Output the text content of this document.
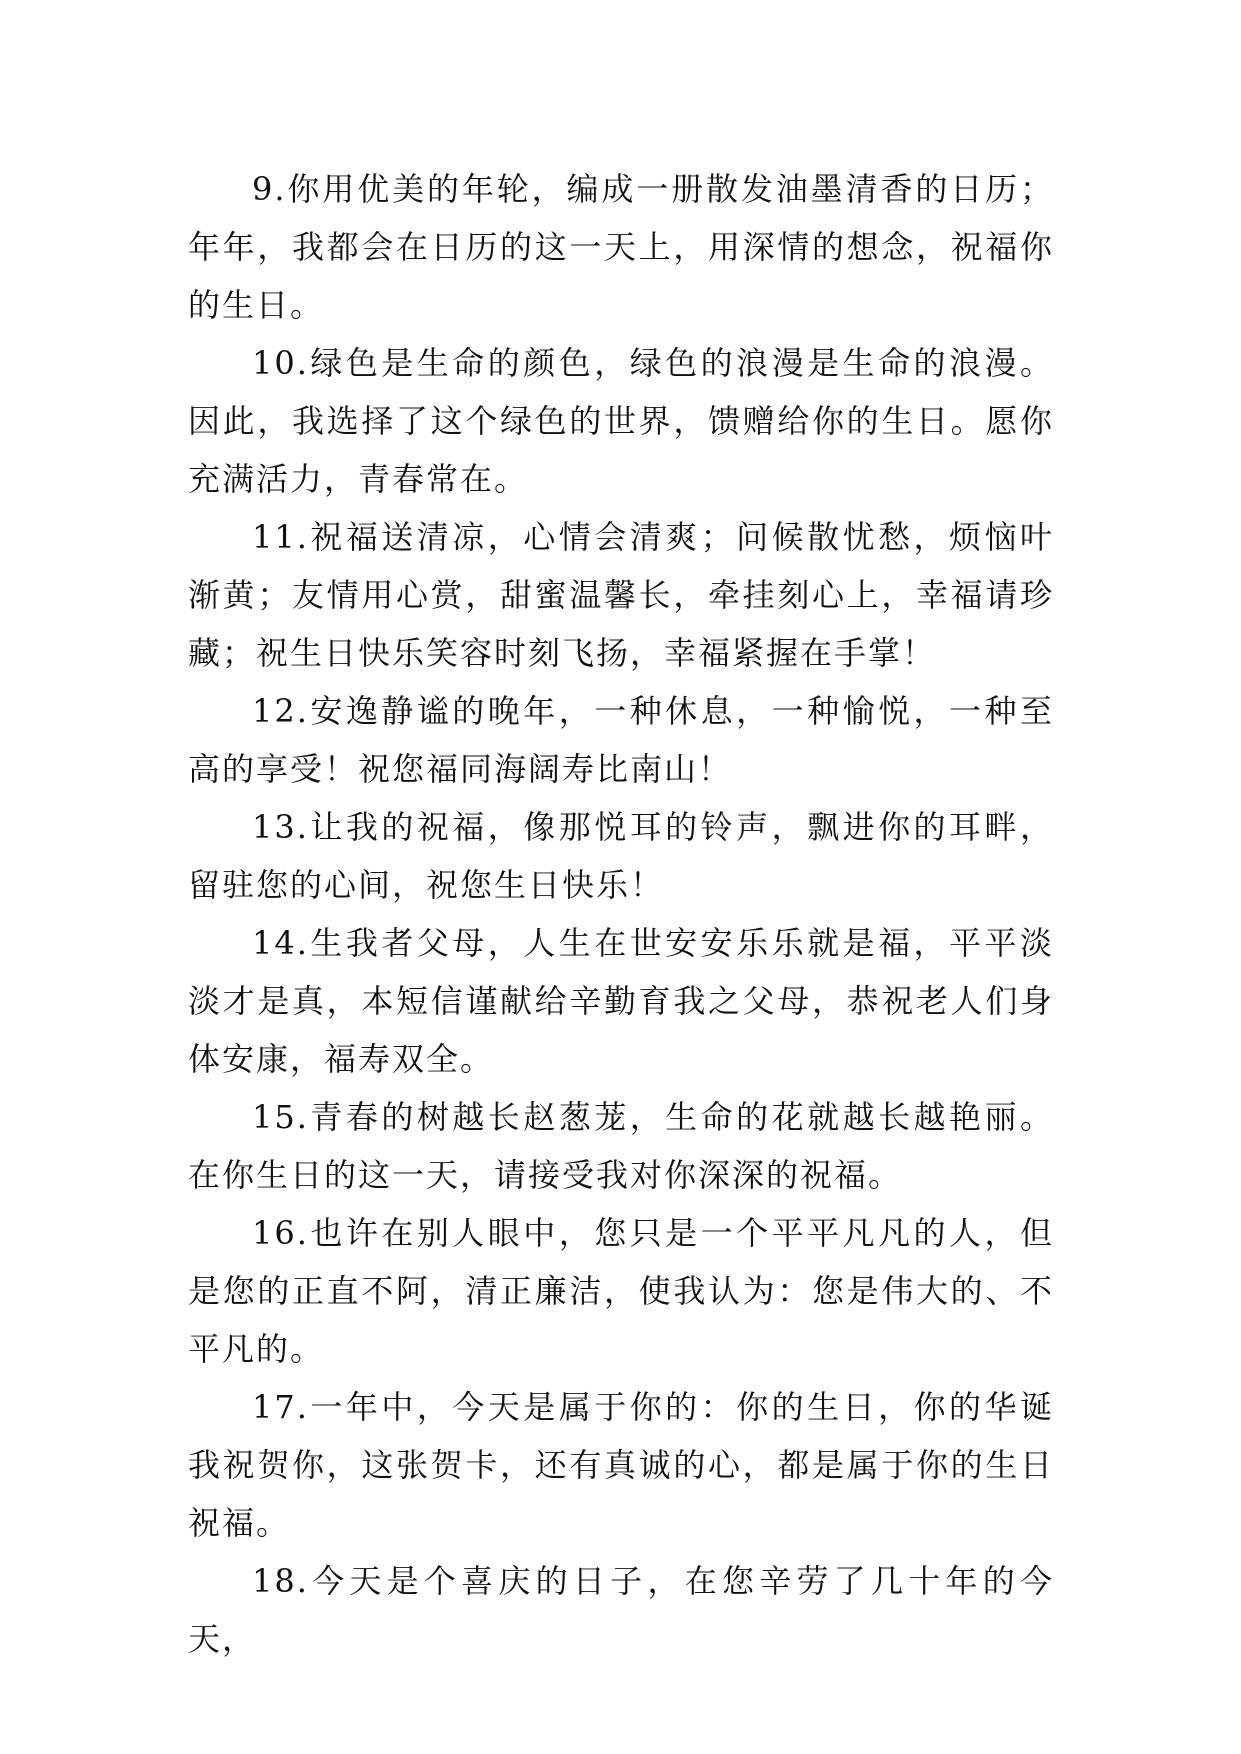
9.你用优美的年轮，编成一册散发油墨清香的日历；年年，我都会在日历的这一天上，用深情的想念，祝福你的生日。

10.绿色是生命的颜色，绿色的浪漫是生命的浪漫。因此，我选择了这个绿色的世界，馈赠给你的生日。愿你充满活力，青春常在。

11.祝福送清凉，心情会清爽；问候散忧愁，烦恼叶渐黄；友情用心赏，甜蜜温馨长，牵挂刻心上，幸福请珍藏；祝生日快乐笑容时刻飞扬，幸福紧握在手掌！

12.安逸静谧的晚年，一种休息，一种愉悦，一种至高的享受！祝您福同海阔寿比南山！

13.让我的祝福，像那悦耳的铃声，飘进你的耳畔，留驻您的心间，祝您生日快乐！

14.生我者父母，人生在世安安乐乐就是福，平平淡淡才是真，本短信谨献给辛勤育我之父母，恭祝老人们身体安康，福寿双全。

15.青春的树越长赵葱茏，生命的花就越长越艳丽。在你生日的这一天，请接受我对你深深的祝福。

16.也许在别人眼中，您只是一个平平凡凡的人，但是您的正直不阿，清正廉洁，使我认为：您是伟大的、不平凡的。

17.一年中，今天是属于你的：你的生日，你的华诞我祝贺你，这张贺卡，还有真诚的心，都是属于你的生日祝福。

18.今天是个喜庆的日子，在您辛劳了几十年的今天，
